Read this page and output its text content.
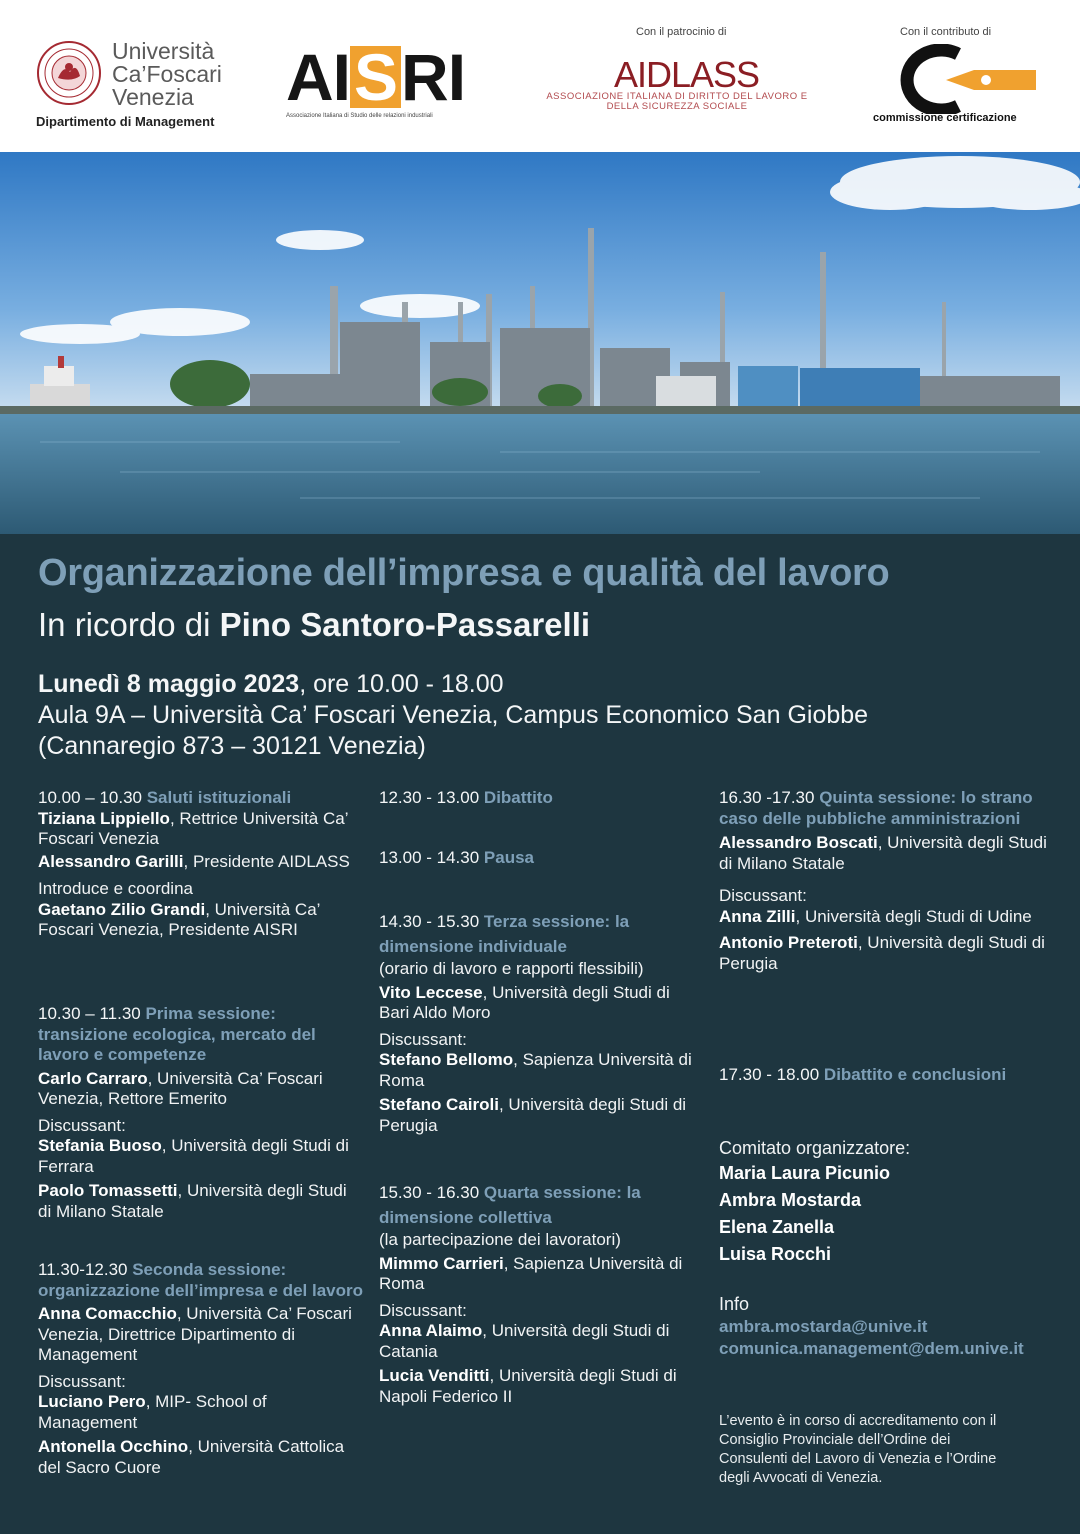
Università
Ca’Foscari
Venezia
Dipartimento di Management
AI S RI
Associazione Italiana di Studio delle relazioni industriali
Con il patrocinio di
AIDLASS
ASSOCIAZIONE ITALIANA DI DIRITTO DEL LAVORO E DELLA SICUREZZA SOCIALE
Con il contributo di
commissione certificazione
Organizzazione dell’impresa e qualità del lavoro
In ricordo di Pino Santoro-Passarelli
Lunedì 8 maggio 2023, ore 10.00 - 18.00
Aula 9A – Università Ca’ Foscari Venezia, Campus Economico San Giobbe
(Cannaregio 873 – 30121 Venezia)
10.00 – 10.30 Saluti istituzionali
Tiziana Lippiello, Rettrice Università Ca’ Foscari Venezia
Alessandro Garilli, Presidente AIDLASS
Introduce e coordina
Gaetano Zilio Grandi, Università Ca’ Foscari Venezia, Presidente AISRI
10.30 – 11.30 Prima sessione: transizione ecologica, mercato del lavoro e competenze
Carlo Carraro, Università Ca’ Foscari Venezia, Rettore Emerito
Discussant:
Stefania Buoso, Università degli Studi di Ferrara
Paolo Tomassetti, Università degli Studi di Milano Statale
11.30-12.30 Seconda sessione: organizzazione dell’impresa e del lavoro
Anna Comacchio, Università Ca’ Foscari Venezia, Direttrice Dipartimento di Management
Discussant:
Luciano Pero, MIP- School of Management
Antonella Occhino, Università Cattolica del Sacro Cuore
12.30 - 13.00 Dibattito
13.00 - 14.30 Pausa
14.30 - 15.30 Terza sessione: la dimensione individuale
(orario di lavoro e rapporti flessibili)
Vito Leccese, Università degli Studi di Bari Aldo Moro
Discussant:
Stefano Bellomo, Sapienza Università di Roma
Stefano Cairoli, Università degli Studi di Perugia
15.30 - 16.30 Quarta sessione: la dimensione collettiva
(la partecipazione dei lavoratori)
Mimmo Carrieri, Sapienza Università di Roma
Discussant:
Anna Alaimo, Università degli Studi di Catania
Lucia Venditti, Università degli Studi di Napoli Federico II
16.30 -17.30 Quinta sessione: lo strano caso delle pubbliche amministrazioni
Alessandro Boscati, Università degli Studi di Milano Statale
Discussant:
Anna Zilli, Università degli Studi di Udine
Antonio Preteroti, Università degli Studi di Perugia
17.30 - 18.00 Dibattito e conclusioni
Comitato organizzatore:
Maria Laura Picunio
Ambra Mostarda
Elena Zanella
Luisa Rocchi
Info
ambra.mostarda@unive.it
comunica.management@dem.unive.it
L’evento è in corso di accreditamento con il Consiglio Provinciale dell’Ordine dei Consulenti del Lavoro di Venezia e l’Ordine degli Avvocati di Venezia.
